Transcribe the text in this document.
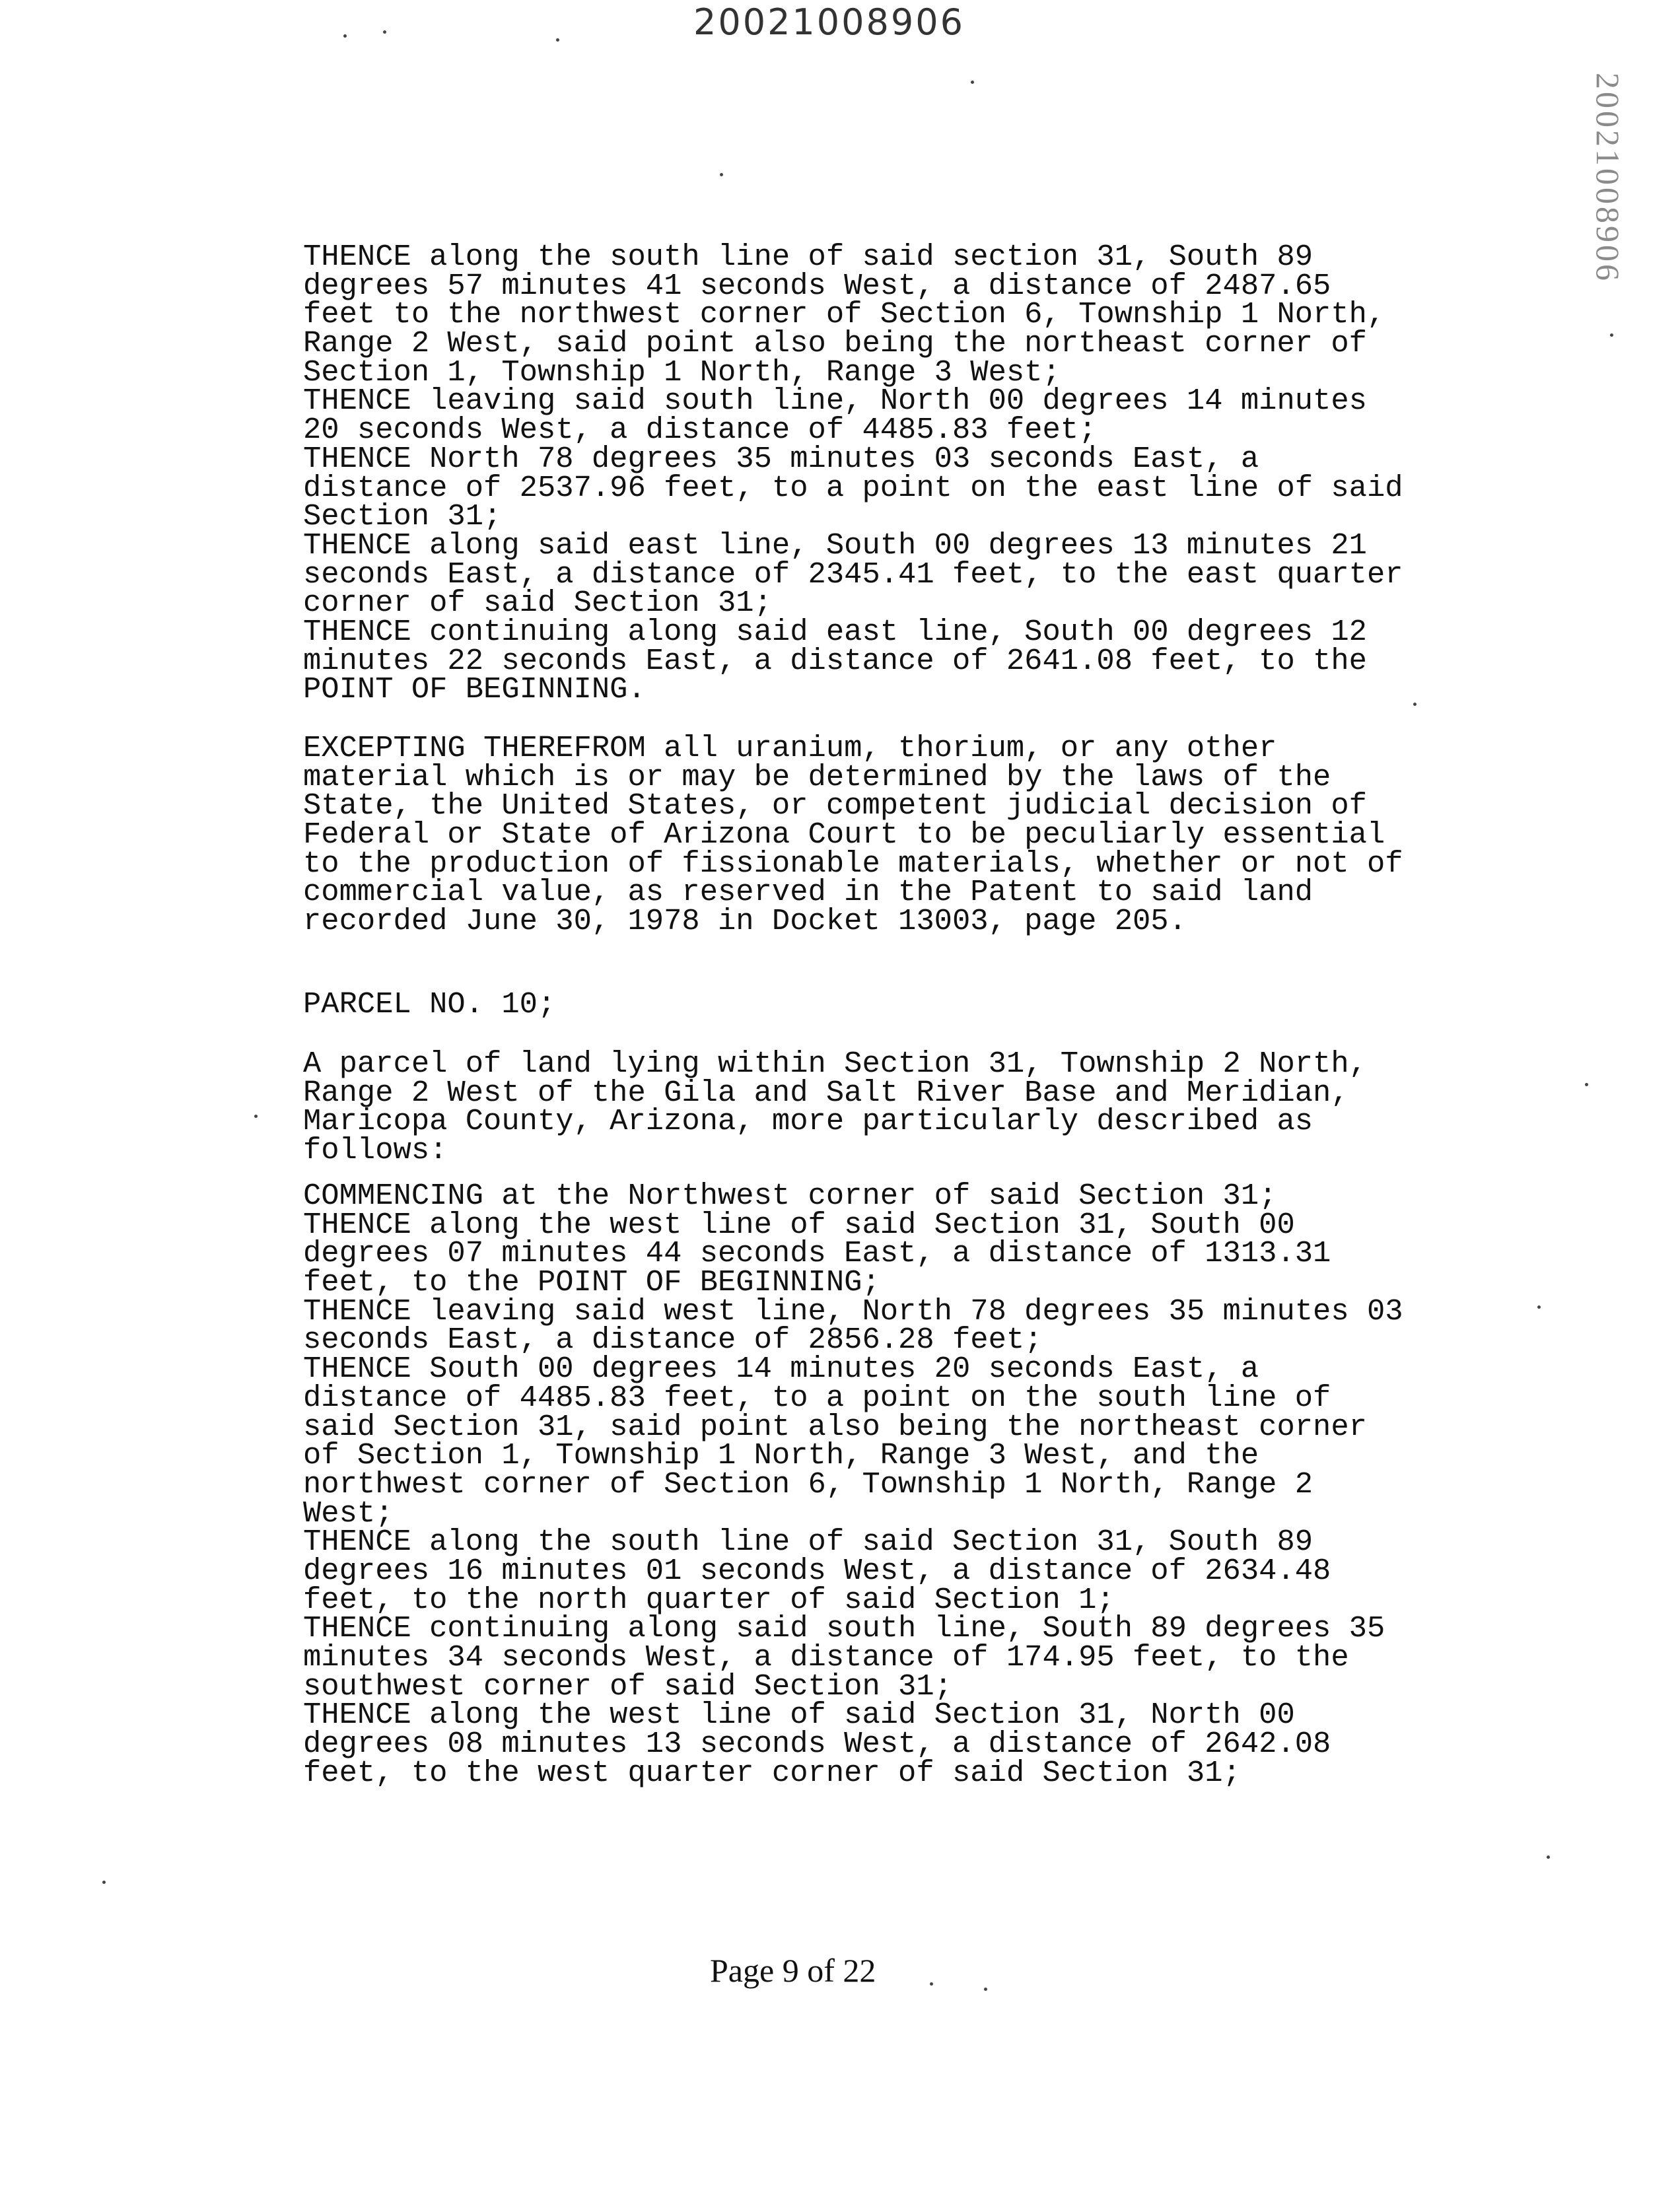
20021008906
20021008906
THENCE along the south line of said section 31, South 89
degrees 57 minutes 41 seconds West, a distance of 2487.65
feet to the northwest corner of Section 6, Township 1 North,
Range 2 West, said point also being the northeast corner of
Section 1, Township 1 North, Range 3 West;
THENCE leaving said south line, North 00 degrees 14 minutes
20 seconds West, a distance of 4485.83 feet;
THENCE North 78 degrees 35 minutes 03 seconds East, a
distance of 2537.96 feet, to a point on the east line of said
Section 31;
THENCE along said east line, South 00 degrees 13 minutes 21
seconds East, a distance of 2345.41 feet, to the east quarter
corner of said Section 31;
THENCE continuing along said east line, South 00 degrees 12
minutes 22 seconds East, a distance of 2641.08 feet, to the
POINT OF BEGINNING.
EXCEPTING THEREFROM all uranium, thorium, or any other
material which is or may be determined by the laws of the
State, the United States, or competent judicial decision of
Federal or State of Arizona Court to be peculiarly essential
to the production of fissionable materials, whether or not of
commercial value, as reserved in the Patent to said land
recorded June 30, 1978 in Docket 13003, page 205.
PARCEL NO. 10;
A parcel of land lying within Section 31, Township 2 North,
Range 2 West of the Gila and Salt River Base and Meridian,
Maricopa County, Arizona, more particularly described as
follows:
COMMENCING at the Northwest corner of said Section 31;
THENCE along the west line of said Section 31, South 00
degrees 07 minutes 44 seconds East, a distance of 1313.31
feet, to the POINT OF BEGINNING;
THENCE leaving said west line, North 78 degrees 35 minutes 03
seconds East, a distance of 2856.28 feet;
THENCE South 00 degrees 14 minutes 20 seconds East, a
distance of 4485.83 feet, to a point on the south line of
said Section 31, said point also being the northeast corner
of Section 1, Township 1 North, Range 3 West, and the
northwest corner of Section 6, Township 1 North, Range 2
West;
THENCE along the south line of said Section 31, South 89
degrees 16 minutes 01 seconds West, a distance of 2634.48
feet, to the north quarter of said Section 1;
THENCE continuing along said south line, South 89 degrees 35
minutes 34 seconds West, a distance of 174.95 feet, to the
southwest corner of said Section 31;
THENCE along the west line of said Section 31, North 00
degrees 08 minutes 13 seconds West, a distance of 2642.08
feet, to the west quarter corner of said Section 31;
Page 9 of 22
